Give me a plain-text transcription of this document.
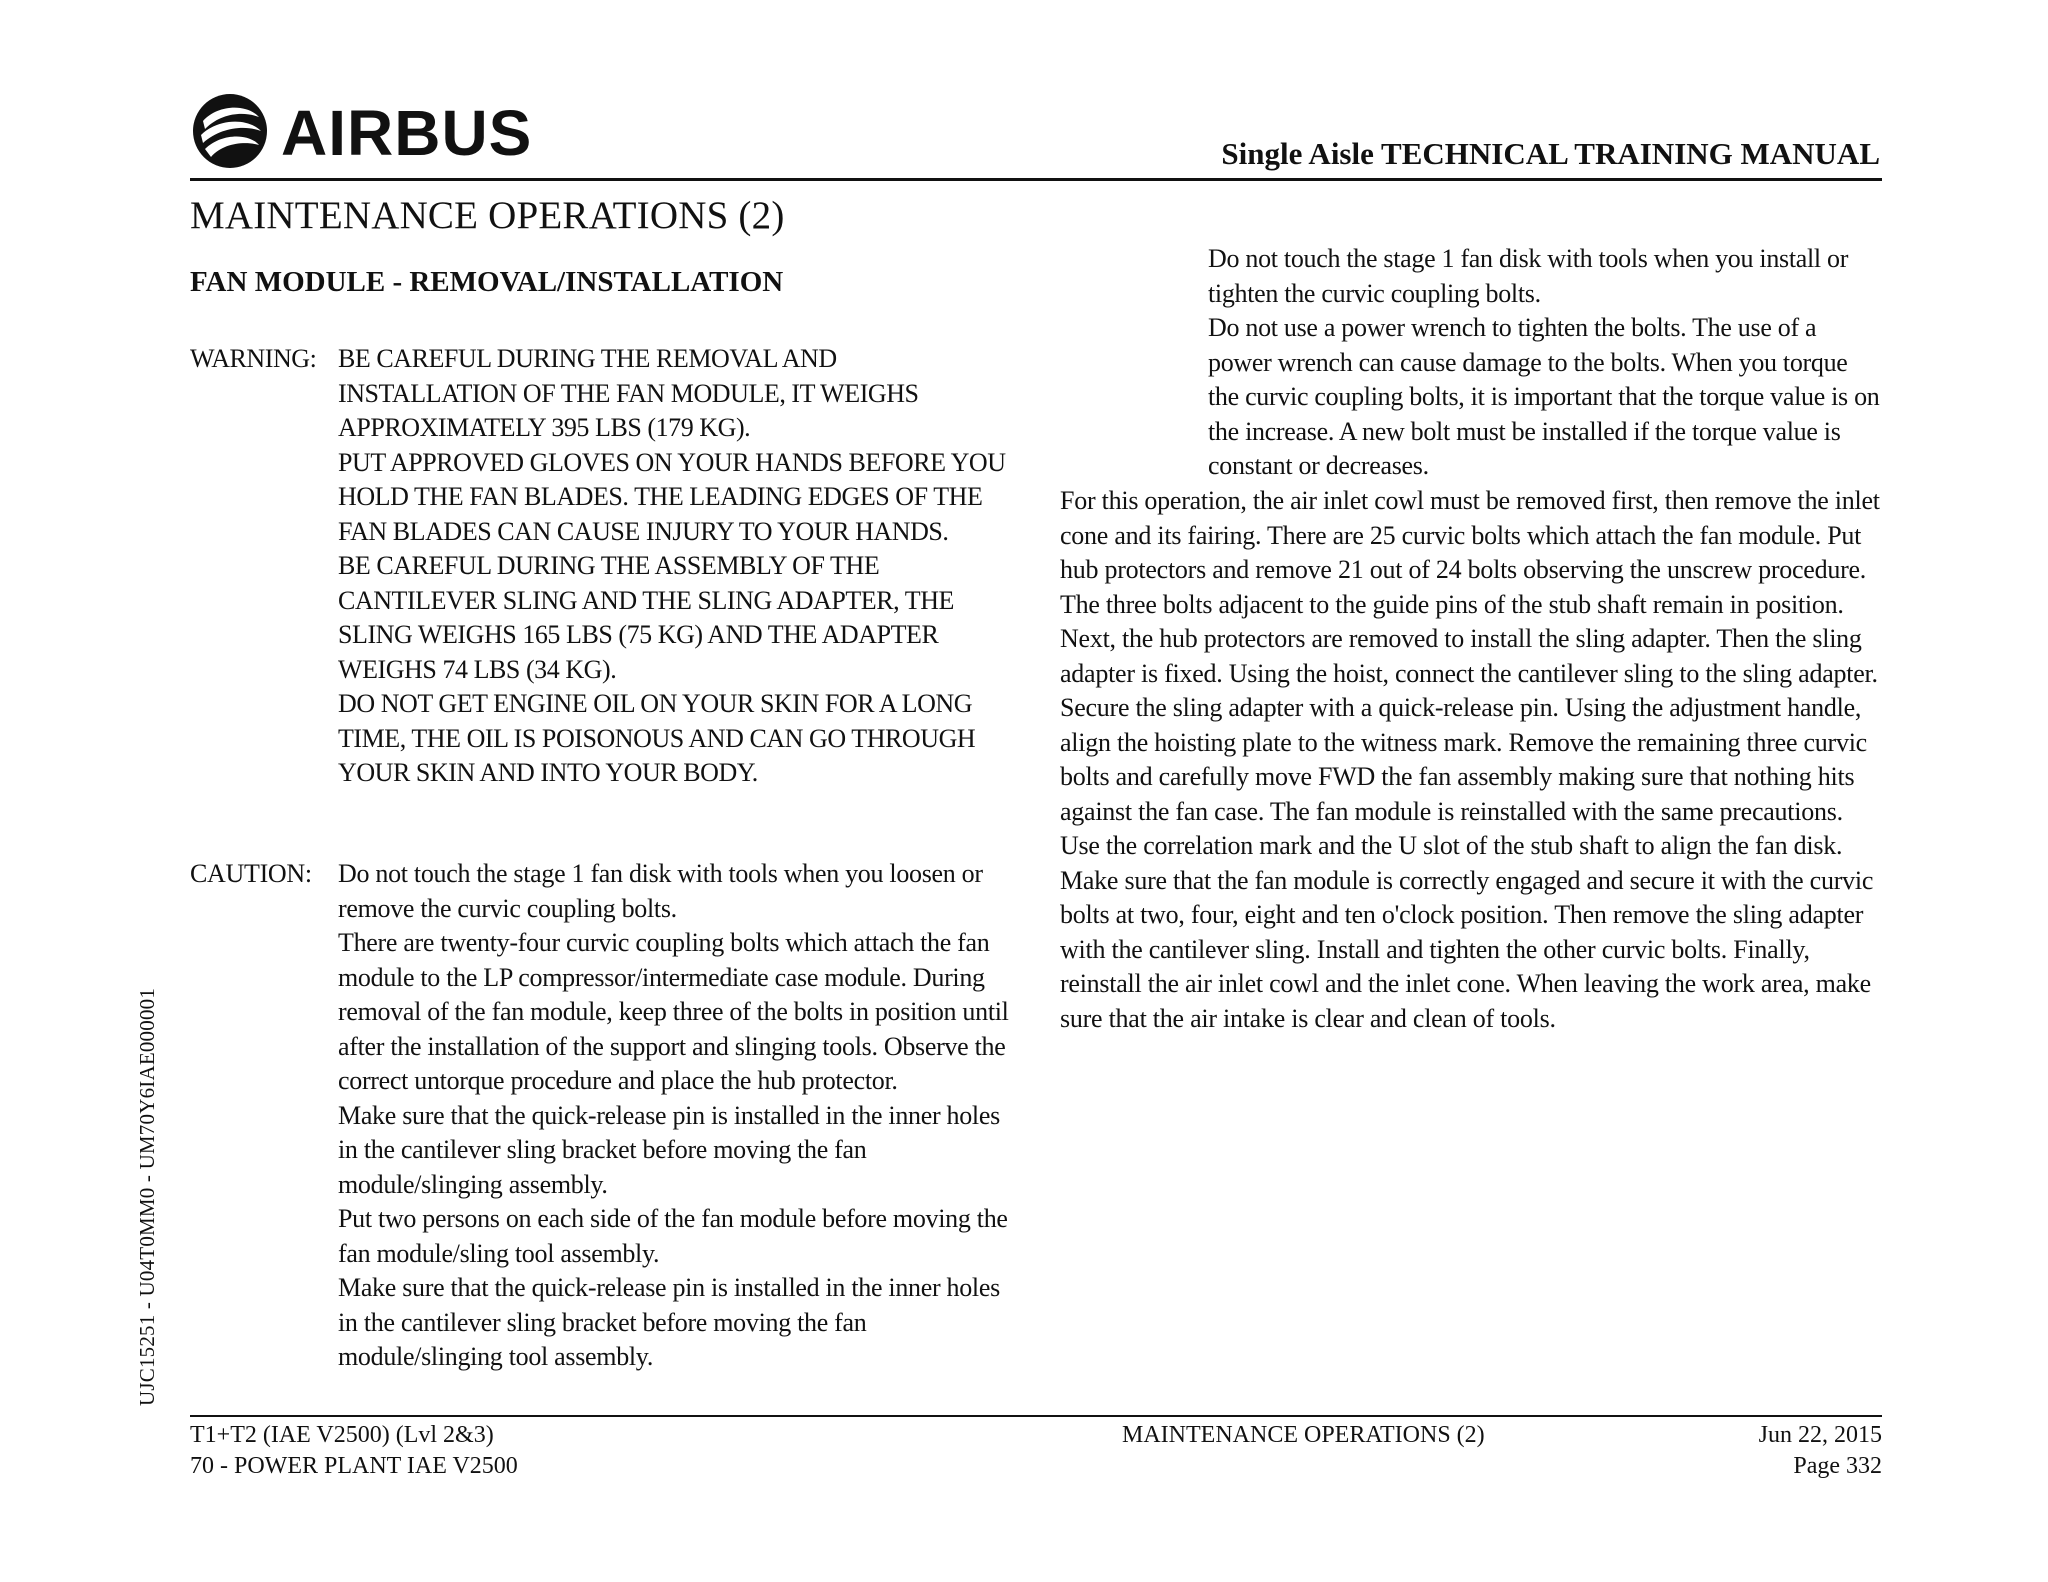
AIRBUS	Single Aisle TECHNICAL TRAINING MANUAL
MAINTENANCE OPERATIONS (2)
FAN MODULE - REMOVAL/INSTALLATION
WARNING: BE CAREFUL DURING THE REMOVAL AND INSTALLATION OF THE FAN MODULE, IT WEIGHS APPROXIMATELY 395 LBS (179 KG).

PUT APPROVED GLOVES ON YOUR HANDS BEFORE YOU HOLD THE FAN BLADES. THE LEADING EDGES OF THE FAN BLADES CAN CAUSE INJURY TO YOUR HANDS.

BE CAREFUL DURING THE ASSEMBLY OF THE CANTILEVER SLING AND THE SLING ADAPTER, THE SLING WEIGHS 165 LBS (75 KG) AND THE ADAPTER WEIGHS 74 LBS (34 KG).

DO NOT GET ENGINE OIL ON YOUR SKIN FOR A LONG TIME, THE OIL IS POISONOUS AND CAN GO THROUGH YOUR SKIN AND INTO YOUR BODY.

CAUTION: Do not touch the stage 1 fan disk with tools when you loosen or remove the curvic coupling bolts.

There are twenty-four curvic coupling bolts which attach the fan module to the LP compressor/intermediate case module. During removal of the fan module, keep three of the bolts in position until after the installation of the support and slinging tools. Observe the correct untorque procedure and place the hub protector.

Make sure that the quick-release pin is installed in the inner holes in the cantilever sling bracket before moving the fan module/slinging assembly.

Put two persons on each side of the fan module before moving the fan module/sling tool assembly.

Make sure that the quick-release pin is installed in the inner holes in the cantilever sling bracket before moving the fan module/slinging tool assembly.

Do not touch the stage 1 fan disk with tools when you install or tighten the curvic coupling bolts.

Do not use a power wrench to tighten the bolts. The use of a power wrench can cause damage to the bolts. When you torque the curvic coupling bolts, it is important that the torque value is on the increase. A new bolt must be installed if the torque value is constant or decreases.

For this operation, the air inlet cowl must be removed first, then remove the inlet cone and its fairing. There are 25 curvic bolts which attach the fan module. Put hub protectors and remove 21 out of 24 bolts observing the unscrew procedure. The three bolts adjacent to the guide pins of the stub shaft remain in position. Next, the hub protectors are removed to install the sling adapter. Then the sling adapter is fixed. Using the hoist, connect the cantilever sling to the sling adapter. Secure the sling adapter with a quick-release pin. Using the adjustment handle, align the hoisting plate to the witness mark. Remove the remaining three curvic bolts and carefully move FWD the fan assembly making sure that nothing hits against the fan case. The fan module is reinstalled with the same precautions. Use the correlation mark and the U slot of the stub shaft to align the fan disk. Make sure that the fan module is correctly engaged and secure it with the curvic bolts at two, four, eight and ten o'clock position. Then remove the sling adapter with the cantilever sling. Install and tighten the other curvic bolts. Finally, reinstall the air inlet cowl and the inlet cone. When leaving the work area, make sure that the air intake is clear and clean of tools.

UJC15251 - U04T0MM0 - UM70Y6IAE000001
T1+T2 (IAE V2500) (Lvl 2&3)
70 - POWER PLANT IAE V2500
MAINTENANCE OPERATIONS (2)	Jun 22, 2015
Page 332
